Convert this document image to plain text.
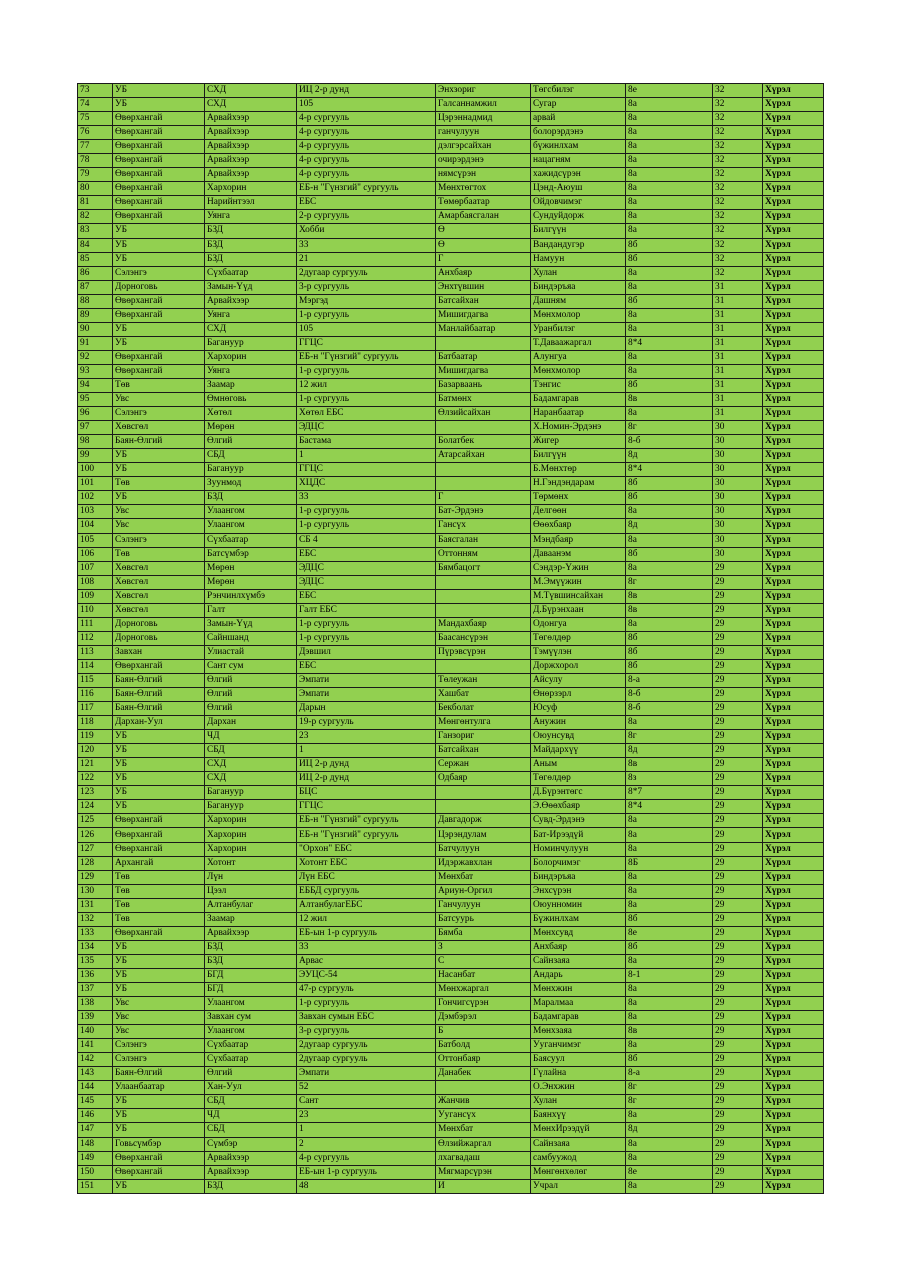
73	УБ	СХД	ИЦ 2-р дунд	Энхзориг	Төгсбилэг	8е	32	Хүрэл
74	УБ	СХД	105	Галсаннамжил	Сугар	8а	32	Хүрэл
75	Өвөрхангай	Арвайхээр	4-р сургууль	Цэрэннадмид	арвай	8а	32	Хүрэл
76	Өвөрхангай	Арвайхээр	4-р сургууль	ганчулуун	болорэрдэнэ	8а	32	Хүрэл
77	Өвөрхангай	Арвайхээр	4-р сургууль	дэлгэрсайхан	бүжинлхам	8а	32	Хүрэл
78	Өвөрхангай	Арвайхээр	4-р сургууль	очирэрдэнэ	нацагням	8а	32	Хүрэл
79	Өвөрхангай	Арвайхээр	4-р сургууль	нямсүрэн	хажидсүрэн	8а	32	Хүрэл
80	Өвөрхангай	Хархорин	ЕБ-н "Гүнзгий" сургууль	Мөнхтөгтох	Цэнд-Аюуш	8а	32	Хүрэл
81	Өвөрхангай	Нарийнтээл	ЕБС	Төмөрбаатар	Ойдовчимэг	8а	32	Хүрэл
82	Өвөрхангай	Уянга	2-р сургууль	Амарбаясгалан	Сундуйдорж	8а	32	Хүрэл
83	УБ	БЗД	Хобби	Ө	Билгүүн	8а	32	Хүрэл
84	УБ	БЗД	33	Ө	Вандандугэр	8б	32	Хүрэл
85	УБ	БЗД	21	Г	Намуун	8б	32	Хүрэл
86	Сэлэнгэ	Сүхбаатар	2дугаар сургууль	Анхбаяр	Хулан	8а	32	Хүрэл
87	Дорноговь	Замын-Үүд	3-р сургууль	Энхтүвшин	Биндэръяа	8а	31	Хүрэл
88	Өвөрхангай	Арвайхээр	Мэргэд	Батсайхан	Дашням	8б	31	Хүрэл
89	Өвөрхангай	Уянга	1-р сургууль	Мишигдагва	Мөнхмолор	8а	31	Хүрэл
90	УБ	СХД	105	Манлайбаатар	Уранбилэг	8а	31	Хүрэл
91	УБ	Багануур	ГГЦС		Т.Даваажаргал	8*4	31	Хүрэл
92	Өвөрхангай	Хархорин	ЕБ-н "Гүнзгий" сургууль	Батбаатар	Алунгуа	8а	31	Хүрэл
93	Өвөрхангай	Уянга	1-р сургууль	Мишигдагва	Мөнхмолор	8а	31	Хүрэл
94	Төв	Заамар	12 жил	Базарваань	Тэнгис	8б	31	Хүрэл
95	Увс	Өмнөговь	1-р сургууль	Батмөнх	Бадамгарав	8в	31	Хүрэл
96	Сэлэнгэ	Хөтөл	Хөтөл ЕБС	Өлзийсайхан	Наранбаатар	8а	31	Хүрэл
97	Хөвсгөл	Мөрөн	ЭДЦС		Х.Номин-Эрдэнэ	8г	30	Хүрэл
98	Баян-Өлгий	Өлгий	Бастама	Болатбек	Жигер	8-б	30	Хүрэл
99	УБ	СБД	1	Атарсайхан	Билгүүн	8д	30	Хүрэл
100	УБ	Багануур	ГГЦС		Б.Мөнхтөр	8*4	30	Хүрэл
101	Төв	Зуунмод	ХЦДС		Н.Гэндэндарам	8б	30	Хүрэл
102	УБ	БЗД	33	Г	Төрмөнх	8б	30	Хүрэл
103	Увс	Улаангом	1-р сургууль	Бат-Эрдэнэ	Делгөөн	8а	30	Хүрэл
104	Увс	Улаангом	1-р сургууль	Гансүх	Өөөхбаяр	8д	30	Хүрэл
105	Сэлэнгэ	Сүхбаатар	СБ 4	Баясгалан	Мэндбаяр	8а	30	Хүрэл
106	Төв	Батсүмбэр	ЕБС	Оттонням	Даваанэм	8б	30	Хүрэл
107	Хөвсгөл	Мөрөн	ЭДЦС	Бямбацогт	Сэндэр-Үжин	8а	29	Хүрэл
108	Хөвсгөл	Мөрөн	ЭДЦС		М.Эмүүжин	8г	29	Хүрэл
109	Хөвсгөл	Рэнчинлхүмбэ	ЕБС		М.Түвшинсайхан	8в	29	Хүрэл
110	Хөвсгөл	Галт	Галт ЕБС		Д.Бүрэнхаан	8в	29	Хүрэл
111	Дорноговь	Замын-Үүд	1-р сургууль	Мандахбаяр	Одонгуа	8а	29	Хүрэл
112	Дорноговь	Сайншанд	1-р сургууль	Баасансүрэн	Төгөлдөр	8б	29	Хүрэл
113	Завхан	Улиастай	Дэвшил	Пүрэвсүрэн	Тэмүүлэн	8б	29	Хүрэл
114	Өвөрхангай	Сант сум	ЕБС		Доржхорол	8б	29	Хүрэл
115	Баян-Өлгий	Өлгий	Эмпати	Төлеужан	Айсулу	8-а	29	Хүрэл
116	Баян-Өлгий	Өлгий	Эмпати	Хашбат	Өнөрзэрл	8-б	29	Хүрэл
117	Баян-Өлгий	Өлгий	Дарын	Бекболат	Юсуф	8-б	29	Хүрэл
118	Дархан-Уул	Дархан	19-р сургууль	Мөнгөнтулга	Анужин	8а	29	Хүрэл
119	УБ	ЧД	23	Ганзориг	Оюунсувд	8г	29	Хүрэл
120	УБ	СБД	1	Батсайхан	Майдархүү	8д	29	Хүрэл
121	УБ	СХД	ИЦ 2-р дунд	Сержан	Аным	8в	29	Хүрэл
122	УБ	СХД	ИЦ 2-р дунд	Одбаяр	Төгөлдөр	8з	29	Хүрэл
123	УБ	Багануур	БЦС		Д.Бүрэнтөгс	8*7	29	Хүрэл
124	УБ	Багануур	ГГЦС		Э.Өөөхбаяр	8*4	29	Хүрэл
125	Өвөрхангай	Хархорин	ЕБ-н "Гүнзгий" сургууль	Давгадорж	Сувд-Эрдэнэ	8а	29	Хүрэл
126	Өвөрхангай	Хархорин	ЕБ-н "Гүнзгий" сургууль	Цэрэндулам	Бат-Ирээдүй	8а	29	Хүрэл
127	Өвөрхангай	Хархорин	"Орхон" ЕБС	Батчулуун	Номинчулуун	8а	29	Хүрэл
128	Архангай	Хотонт	Хотонт ЕБС	Идэржавхлан	Болорчимэг	8Б	29	Хүрэл
129	Төв	Лүн	Лүн ЕБС	Мөнхбат	Биндэръяа	8а	29	Хүрэл
130	Төв	Цээл	ЕББД сургууль	Ариун-Оргил	Энхсүрэн	8а	29	Хүрэл
131	Төв	Алтанбулаг	АлтанбулагЕБС	Ганчулуун	Оюунномин	8а	29	Хүрэл
132	Төв	Заамар	12 жил	Батсуурь	Бүжинлхам	8б	29	Хүрэл
133	Өвөрхангай	Арвайхээр	ЕБ-ын 1-р сургууль	Бямба	Мөнхсувд	8е	29	Хүрэл
134	УБ	БЗД	33	З	Анхбаяр	8б	29	Хүрэл
135	УБ	БЗД	Арвас	С	Сайнзаяа	8а	29	Хүрэл
136	УБ	БГД	ЭУЦС-54	Насанбат	Андарь	8-1	29	Хүрэл
137	УБ	БГД	47-р сургууль	Мөнхжаргал	Мөнхжин	8а	29	Хүрэл
138	Увс	Улаангом	1-р сургууль	Гончигсүрэн	Маралмаа	8а	29	Хүрэл
139	Увс	Завхан сум	Завхан сумын ЕБС	Дэмбэрэл	Бадамгарав	8а	29	Хүрэл
140	Увс	Улаангом	3-р сургууль	Б	Мөнхзаяа	8в	29	Хүрэл
141	Сэлэнгэ	Сүхбаатар	2дугаар сургууль	Батболд	Ууганчимэг	8а	29	Хүрэл
142	Сэлэнгэ	Сүхбаатар	2дугаар сургууль	Оттонбаяр	Баясуул	8б	29	Хүрэл
143	Баян-Өлгий	Өлгий	Эмпати	Данабек	Гүлайна	8-а	29	Хүрэл
144	Улаанбаатар	Хан-Уул	52		О.Энхжин	8г	29	Хүрэл
145	УБ	СБД	Сант	Жанчив	Хулан	8г	29	Хүрэл
146	УБ	ЧД	23	Ууганcүх	Баянхүү	8а	29	Хүрэл
147	УБ	СБД	1	Мөнхбат	МөнхИрээдүй	8д	29	Хүрэл
148	Говьсүмбэр	Сүмбэр	2	Өлзийжаргал	Сайнзаяа	8а	29	Хүрэл
149	Өвөрхангай	Арвайхээр	4-р сургууль	лхагвадаш	самбуужод	8а	29	Хүрэл
150	Өвөрхангай	Арвайхээр	ЕБ-ын 1-р сургууль	Мягмарсүрэн	Мөнгөнхөлөг	8е	29	Хүрэл
151	УБ	БЗД	48	И	Учрал	8а	29	Хүрэл
